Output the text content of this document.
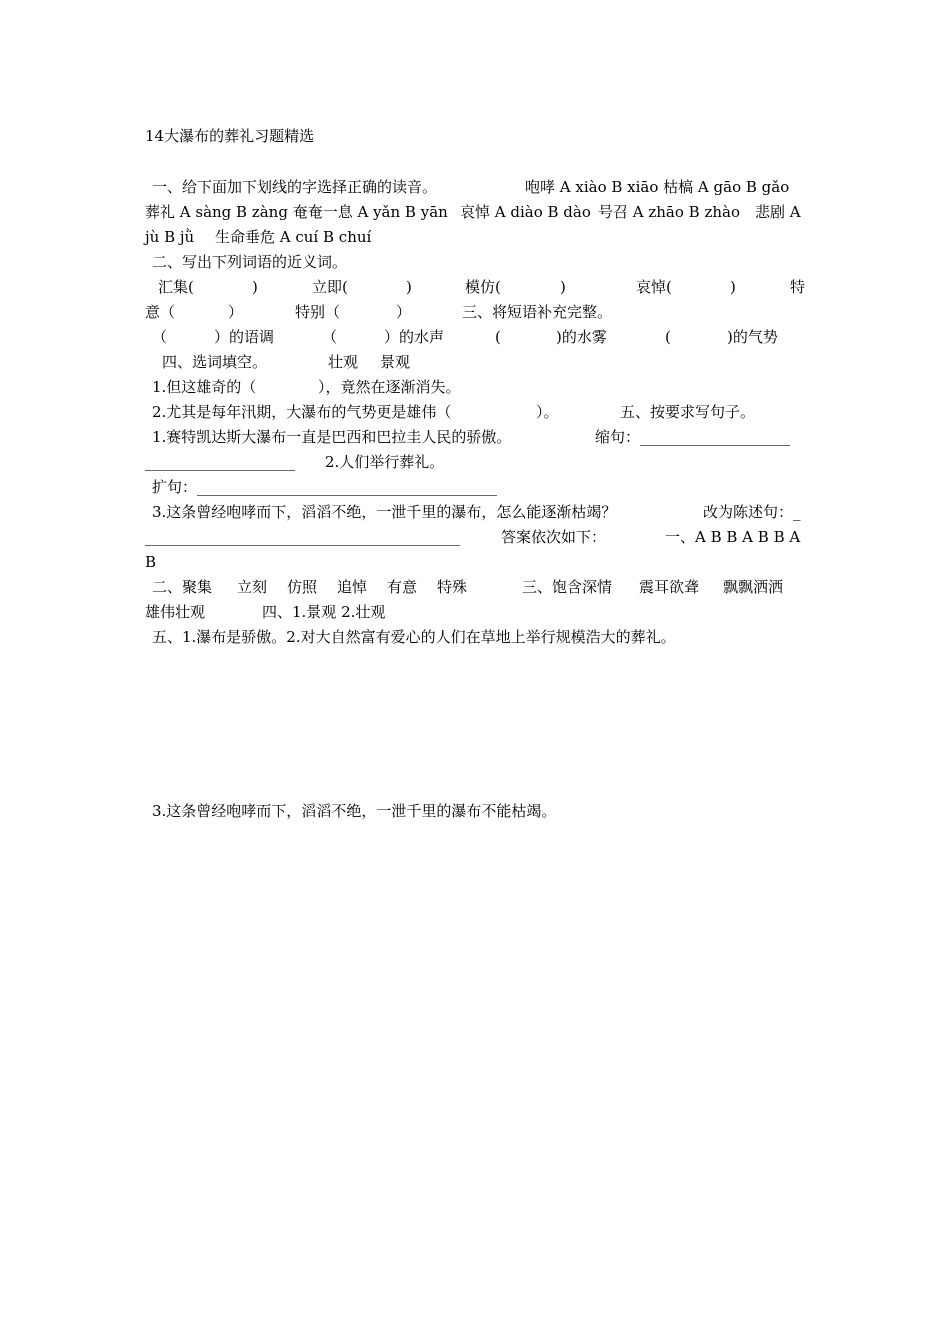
14大瀑布的葬礼习题精选
一、给下面加下划线的字选择正确的读音。	咆哮 A xiào B xiāo 枯槁 A gāo B gǎo
葬礼 A sàng B zàng 奄奄一息 A yǎn B yān 哀悼 A diào B dào 号召 A zhāo B zhào 悲剧 A
jù B jǜ 生命垂危 A cuí B chuí
二、写出下列词语的近义词。
汇集(	)	立即(	)	模仿(	)	哀悼(	)	特
意（	）	特别（	）	三、将短语补充完整。
（	）的语调	（	）的水声	(	)的水雾	(	)的气势
四、选词填空。	壮观 景观
1.但这雄奇的（	），竟然在逐渐消失。
2.尤其是每年汛期，大瀑布的气势更是雄伟（	）。	五、按要求写句子。
1.赛特凯达斯大瀑布一直是巴西和巴拉圭人民的骄傲。	缩句：____________________
____________________ 2.人们举行葬礼。
扩句：________________________________________
3.这条曾经咆哮而下，滔滔不绝，一泄千里的瀑布，怎么能逐渐枯竭？	改为陈述句：_
__________________________________________	答案依次如下：	一、A B B A B B A
B
二、聚集 立刻 仿照 追悼 有意 特殊	三、饱含深情 震耳欲聋 飘飘洒洒
雄伟壮观	四、1.景观 2.壮观
五、1.瀑布是骄傲。2.对大自然富有爱心的人们在草地上举行规模浩大的葬礼。
3.这条曾经咆哮而下，滔滔不绝，一泄千里的瀑布不能枯竭。
